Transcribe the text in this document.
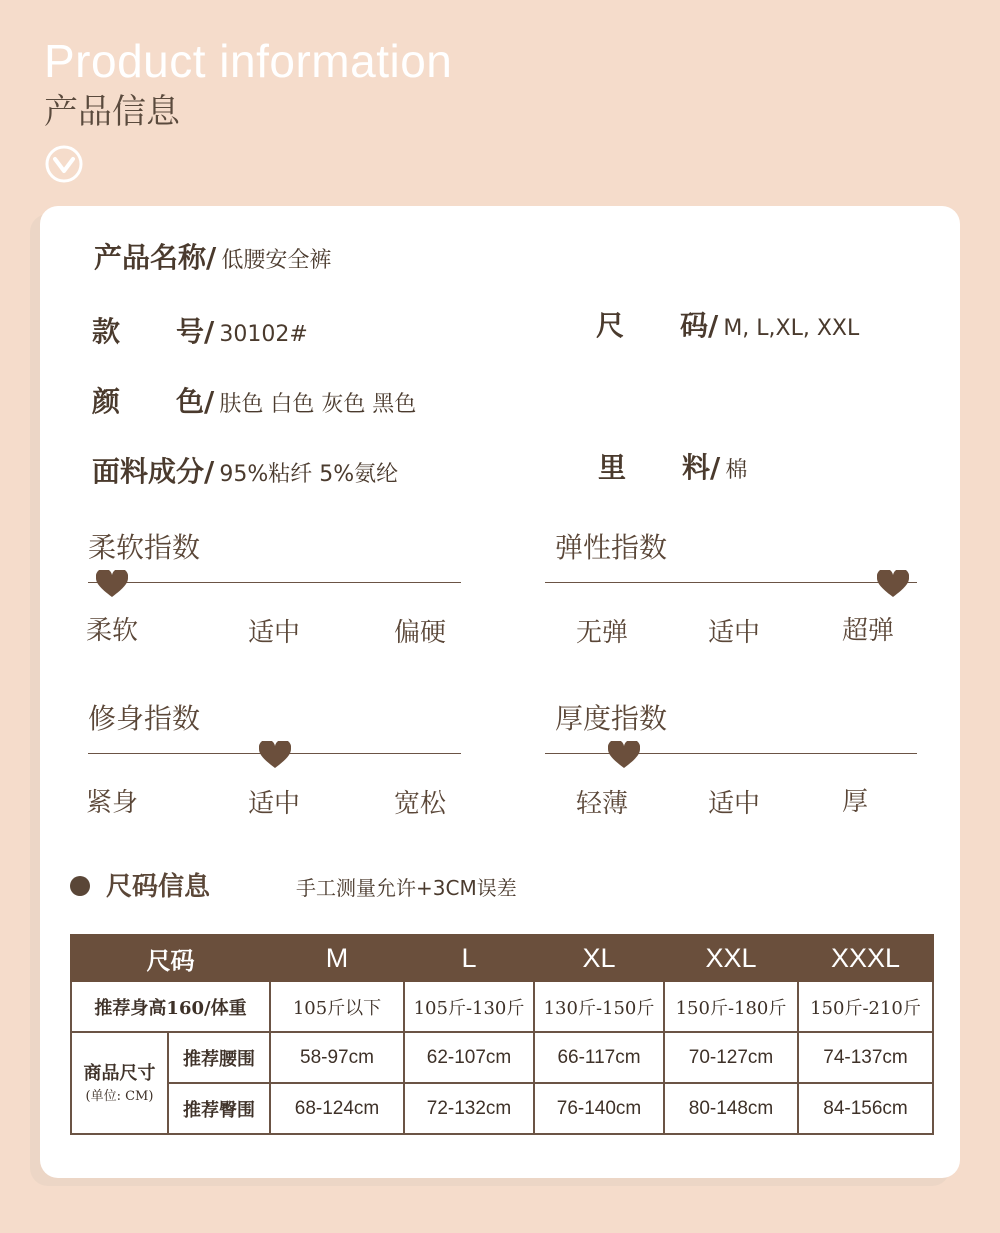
Product information
产品信息
产品名称/ 低腰安全裤
款　　号/ 30102#	尺　　码/ M, L,XL, XXL
颜　　色/ 肤色 白色 灰色 黑色
面料成分/ 95%粘纤 5%氨纶	里　　料/ 棉
柔软指数
柔软	适中	偏硬
弹性指数
无弹	适中	超弹
修身指数
紧身	适中	宽松
厚度指数
轻薄	适中	厚
尺码信息	手工测量允许+3CM误差
尺码		M	L	XL	XXL	XXXL
推荐身高160/体重		105斤以下	105斤-130斤	130斤-150斤	150斤-180斤	150斤-210斤

商品尺寸
(单位: CM)	推荐腰围	58-97cm	62-107cm	66-117cm	70-127cm	74-137cm
	推荐臀围	68-124cm	72-132cm	76-140cm	80-148cm	84-156cm
